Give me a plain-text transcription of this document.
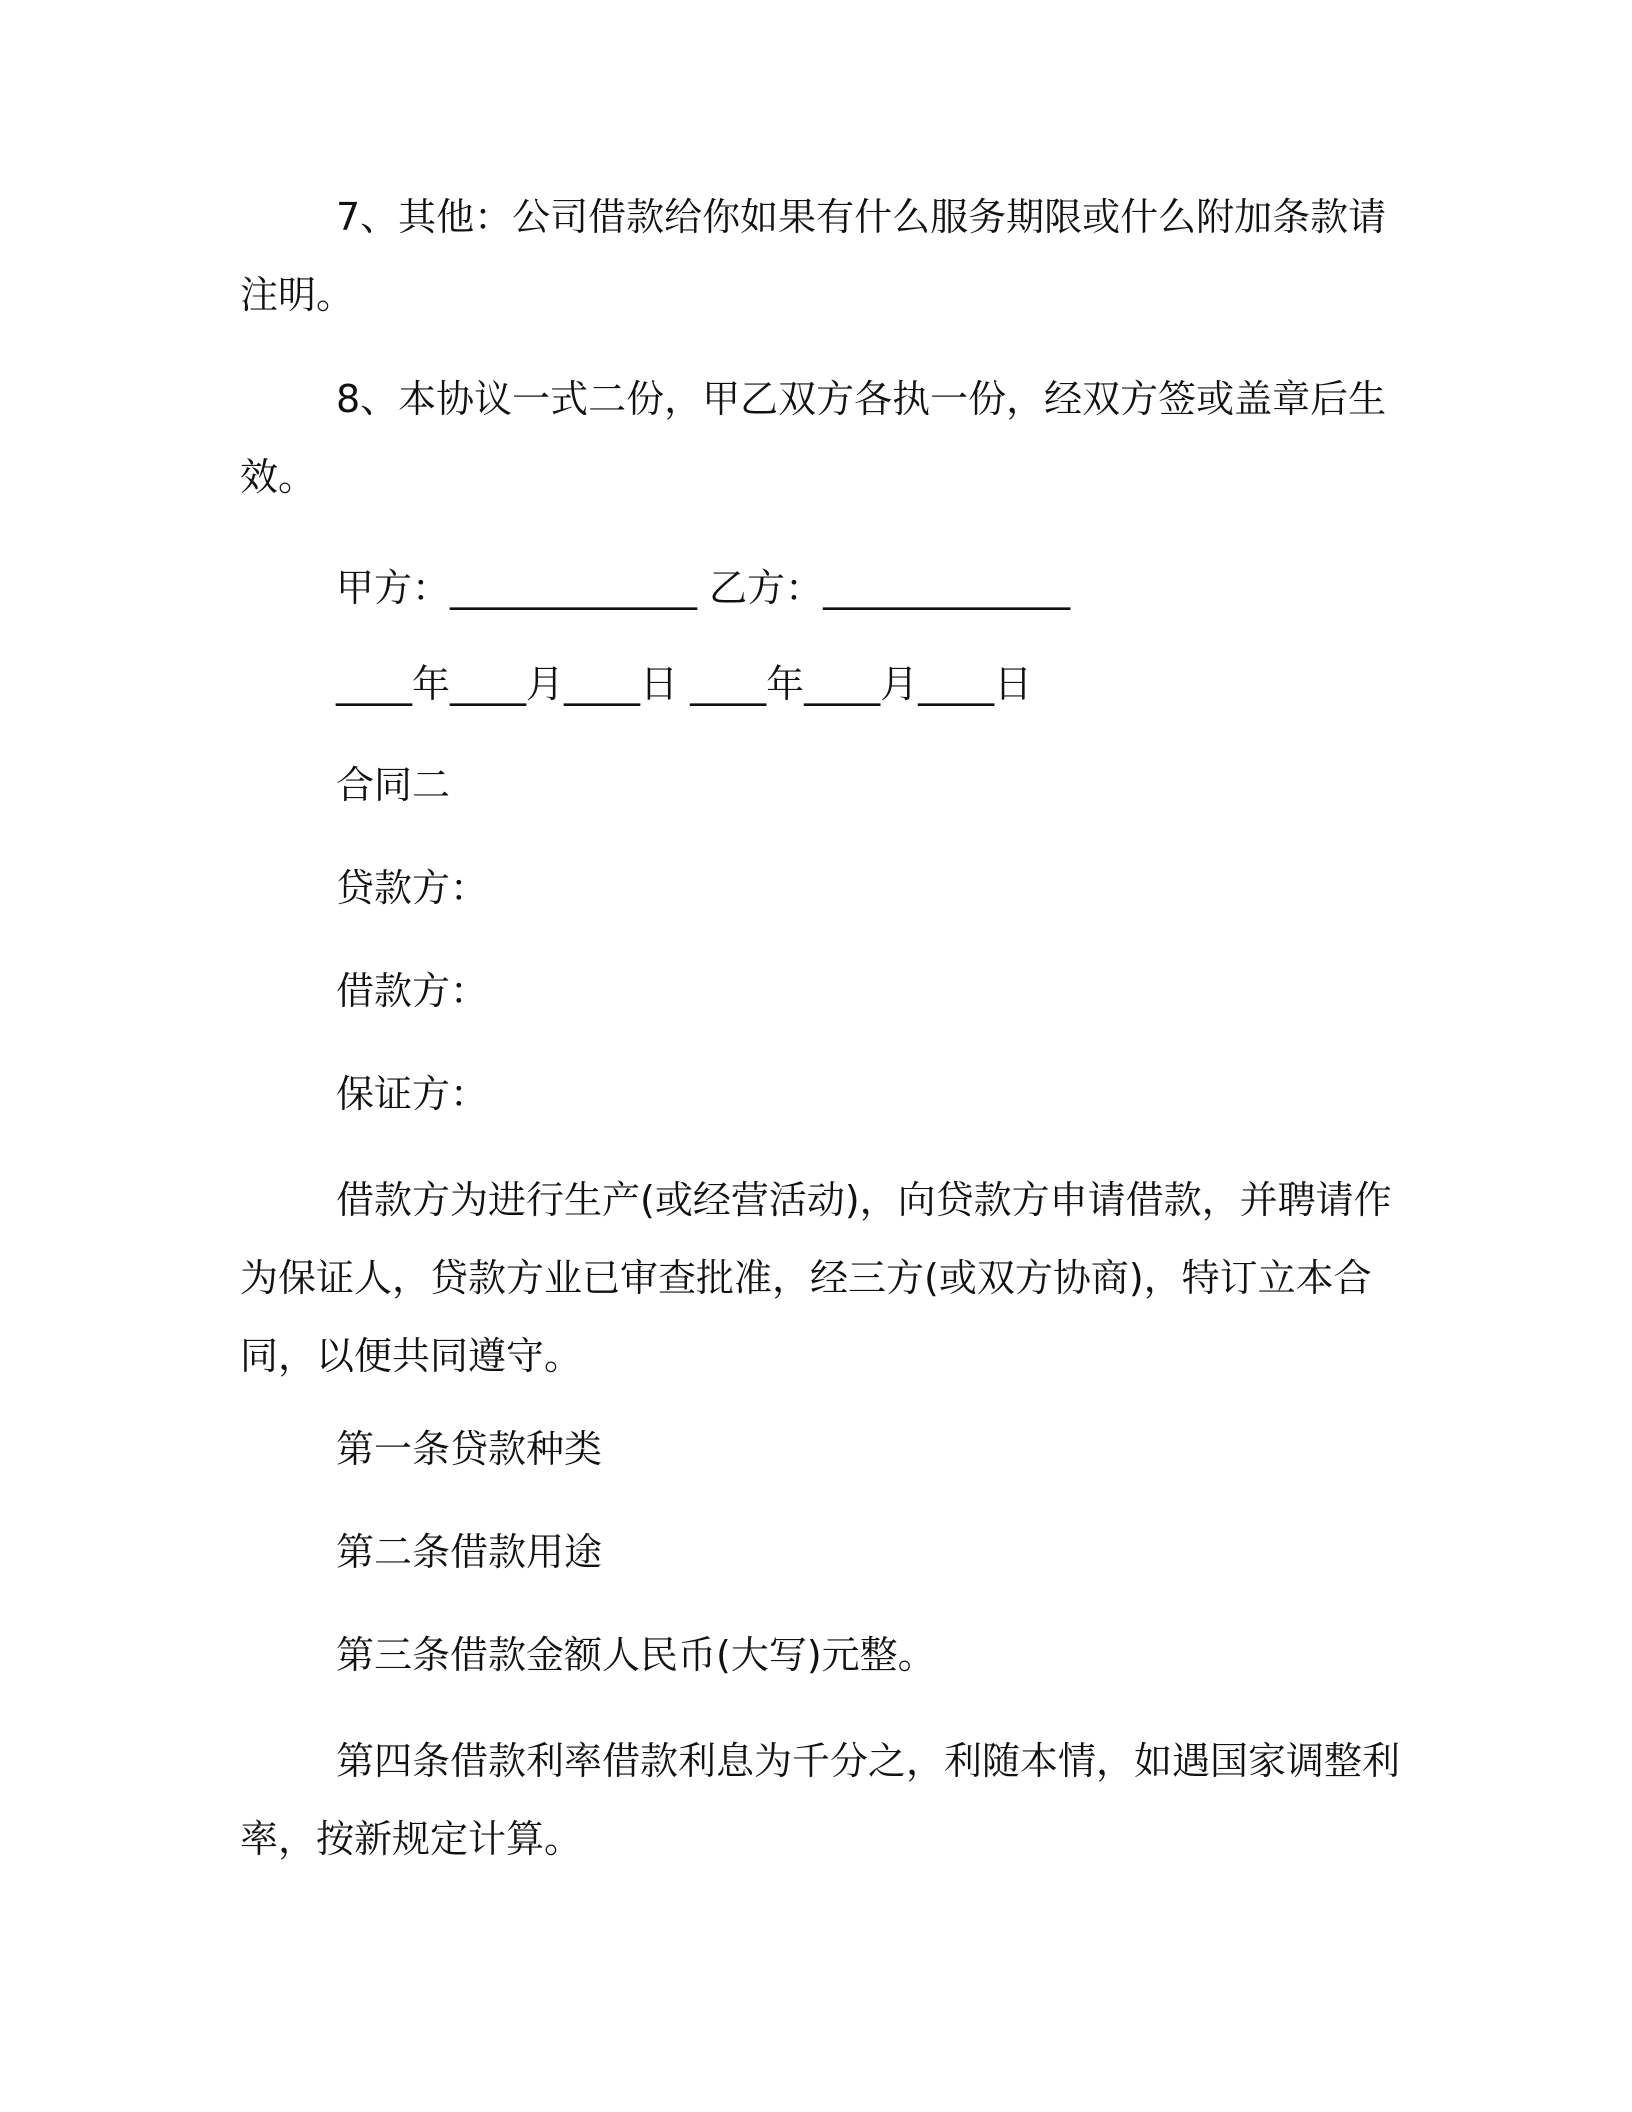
7、其他：公司借款给你如果有什么服务期限或什么附加条款请注明。

8、本协议一式二份，甲乙双方各执一份，经双方签或盖章后生效。

甲方：_____________ 乙方：_____________

____年____月____日 ____年____月____日

合同二

贷款方：

借款方：

保证方：

借款方为进行生产(或经营活动)，向贷款方申请借款，并聘请作为保证人，贷款方业已审查批准，经三方(或双方协商)，特订立本合同，以便共同遵守。

第一条贷款种类

第二条借款用途

第三条借款金额人民币(大写)元整。

第四条借款利率借款利息为千分之，利随本情，如遇国家调整利率，按新规定计算。
